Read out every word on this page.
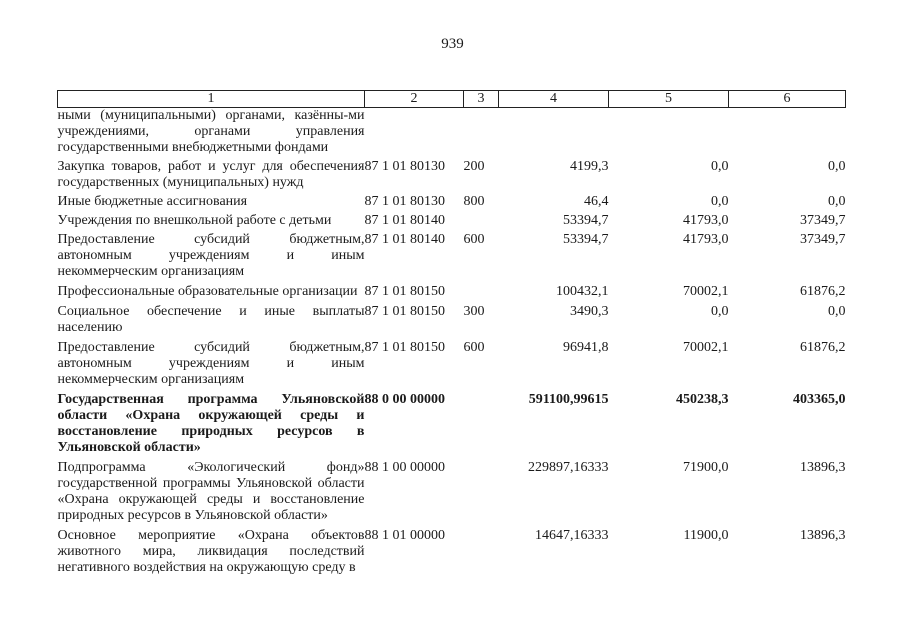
939
1	2	3	4	5	6
ными (муниципальными) органами, казённы-ми учреждениями, органами управления государственными внебюджетными фондами					
Закупка товаров, работ и услуг для обеспечения государственных (муниципальных) нужд	87 1 01 80130	200	4199,3	0,0	0,0
Иные бюджетные ассигнования	87 1 01 80130	800	46,4	0,0	0,0
Учреждения по внешкольной работе с детьми	87 1 01 80140		53394,7	41793,0	37349,7
Предоставление субсидий бюджетным, автономным учреждениям и иным некоммерческим организациям	87 1 01 80140	600	53394,7	41793,0	37349,7
Профессиональные образовательные организации	87 1 01 80150		100432,1	70002,1	61876,2
Социальное обеспечение и иные выплаты населению	87 1 01 80150	300	3490,3	0,0	0,0
Предоставление субсидий бюджетным, автономным учреждениям и иным некоммерческим организациям	87 1 01 80150	600	96941,8	70002,1	61876,2
Государственная программа Ульяновской области «Охрана окружающей среды и восстановление природных ресурсов в Ульяновской области»	88 0 00 00000		591100,99615	450238,3	403365,0
Подпрограмма «Экологический фонд» государственной программы Ульяновской области «Охрана окружающей среды и восстановление природных ресурсов в Ульяновской области»	88 1 00 00000		229897,16333	71900,0	13896,3
Основное мероприятие «Охрана объектов животного мира, ликвидация последствий негативного воздействия на окружающую среду в	88 1 01 00000		14647,16333	11900,0	13896,3
